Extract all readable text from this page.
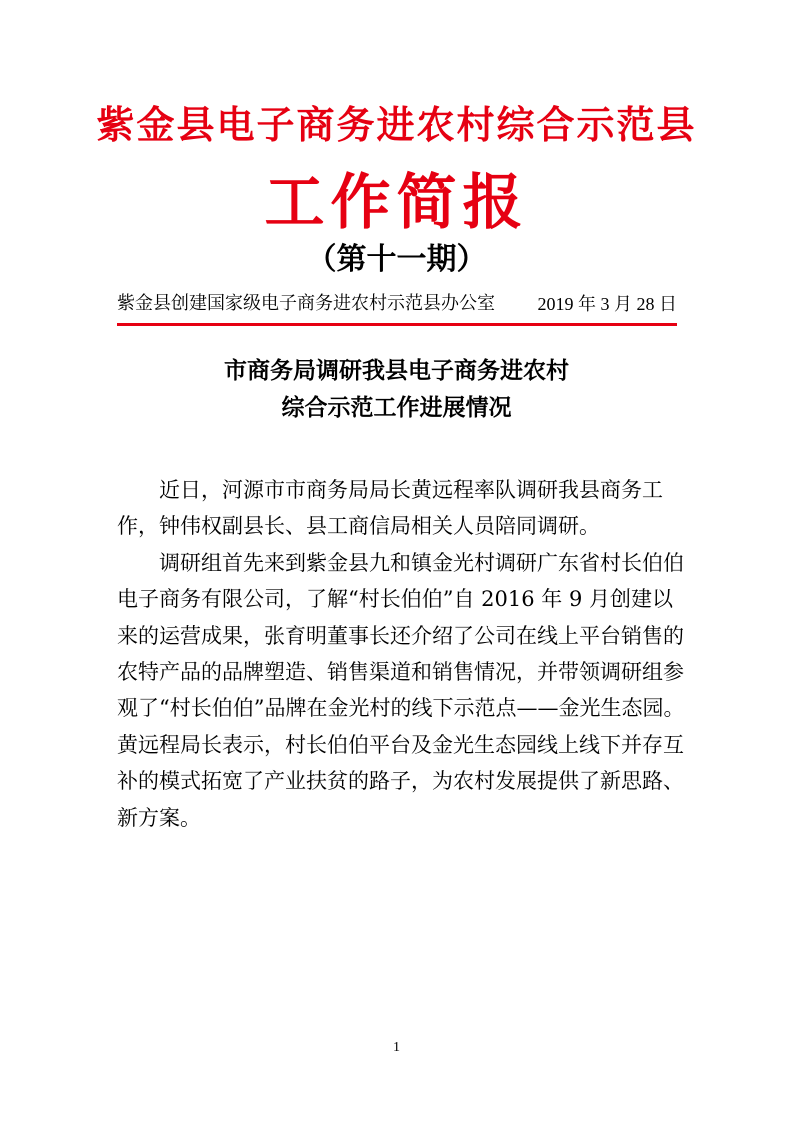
紫金县电子商务进农村综合示范县
工作简报
（第十一期）
紫金县创建国家级电子商务进农村示范县办公室 2019 年 3 月 28 日
市商务局调研我县电子商务进农村
综合示范工作进展情况

近日，河源市市商务局局长黄远程率队调研我县商务工作，钟伟权副县长、县工商信局相关人员陪同调研。

调研组首先来到紫金县九和镇金光村调研广东省村长伯伯电子商务有限公司，了解“村长伯伯”自 2016 年 9 月创建以来的运营成果，张育明董事长还介绍了公司在线上平台销售的农特产品的品牌塑造、销售渠道和销售情况，并带领调研组参观了“村长伯伯”品牌在金光村的线下示范点——金光生态园。黄远程局长表示，村长伯伯平台及金光生态园线上线下并存互补的模式拓宽了产业扶贫的路子，为农村发展提供了新思路、新方案。

1
